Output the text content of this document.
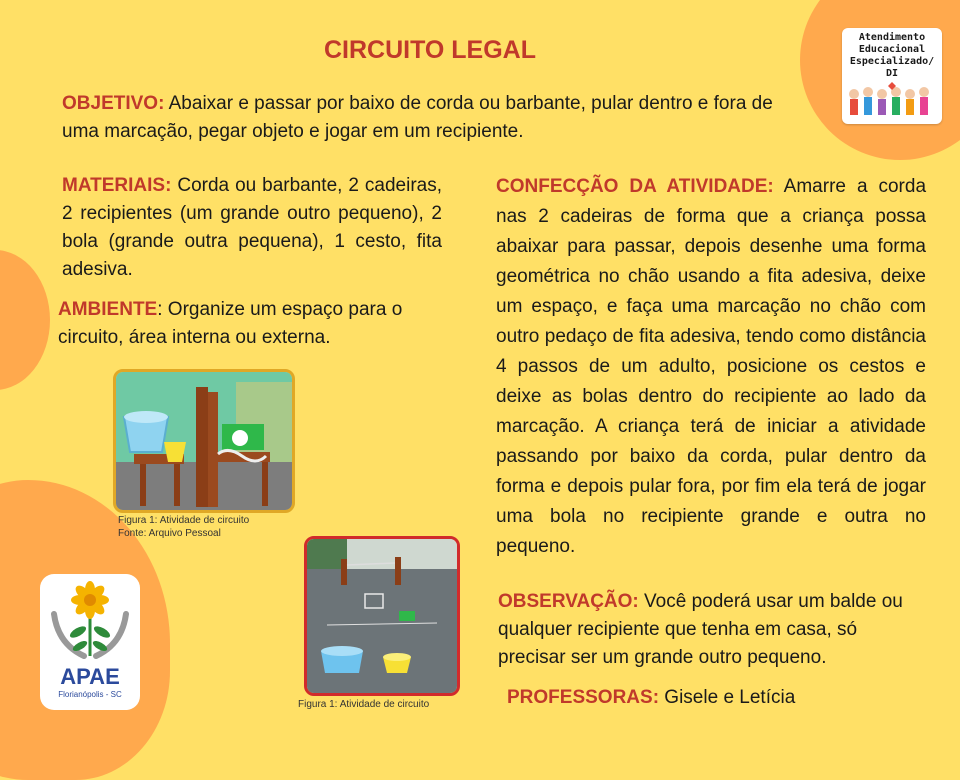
CIRCUITO LEGAL
OBJETIVO: Abaixar e passar por baixo de corda ou barbante, pular dentro e fora de uma marcação, pegar objeto e jogar em um recipiente.
MATERIAIS: Corda ou barbante, 2 cadeiras, 2 recipientes (um grande outro pequeno), 2 bola (grande outra pequena), 1 cesto, fita adesiva.
AMBIENTE: Organize um espaço para o circuito, área interna ou externa.
CONFECÇÃO DA ATIVIDADE: Amarre a corda nas 2 cadeiras de forma que a criança possa abaixar para passar, depois desenhe uma forma geométrica no chão usando a fita adesiva, deixe um espaço, e faça uma marcação no chão com outro pedaço de fita adesiva, tendo como distância 4 passos de um adulto, posicione os cestos e deixe as bolas dentro do recipiente ao lado da marcação. A criança terá de iniciar a atividade passando por baixo da corda, pular dentro da forma e depois pular fora, por fim ela terá de jogar uma bola no recipiente grande e outra no pequeno.
OBSERVAÇÃO: Você poderá usar um balde ou qualquer recipiente que tenha em casa, só precisar ser um grande outro pequeno.
PROFESSORAS: Gisele e Letícia
Figura 1: Atividade de circuito
Fonte: Arquivo Pessoal
Figura 1: Atividade de circuito
Atendimento
Educacional
Especializado/ DI
APAE
Florianópolis - SC
